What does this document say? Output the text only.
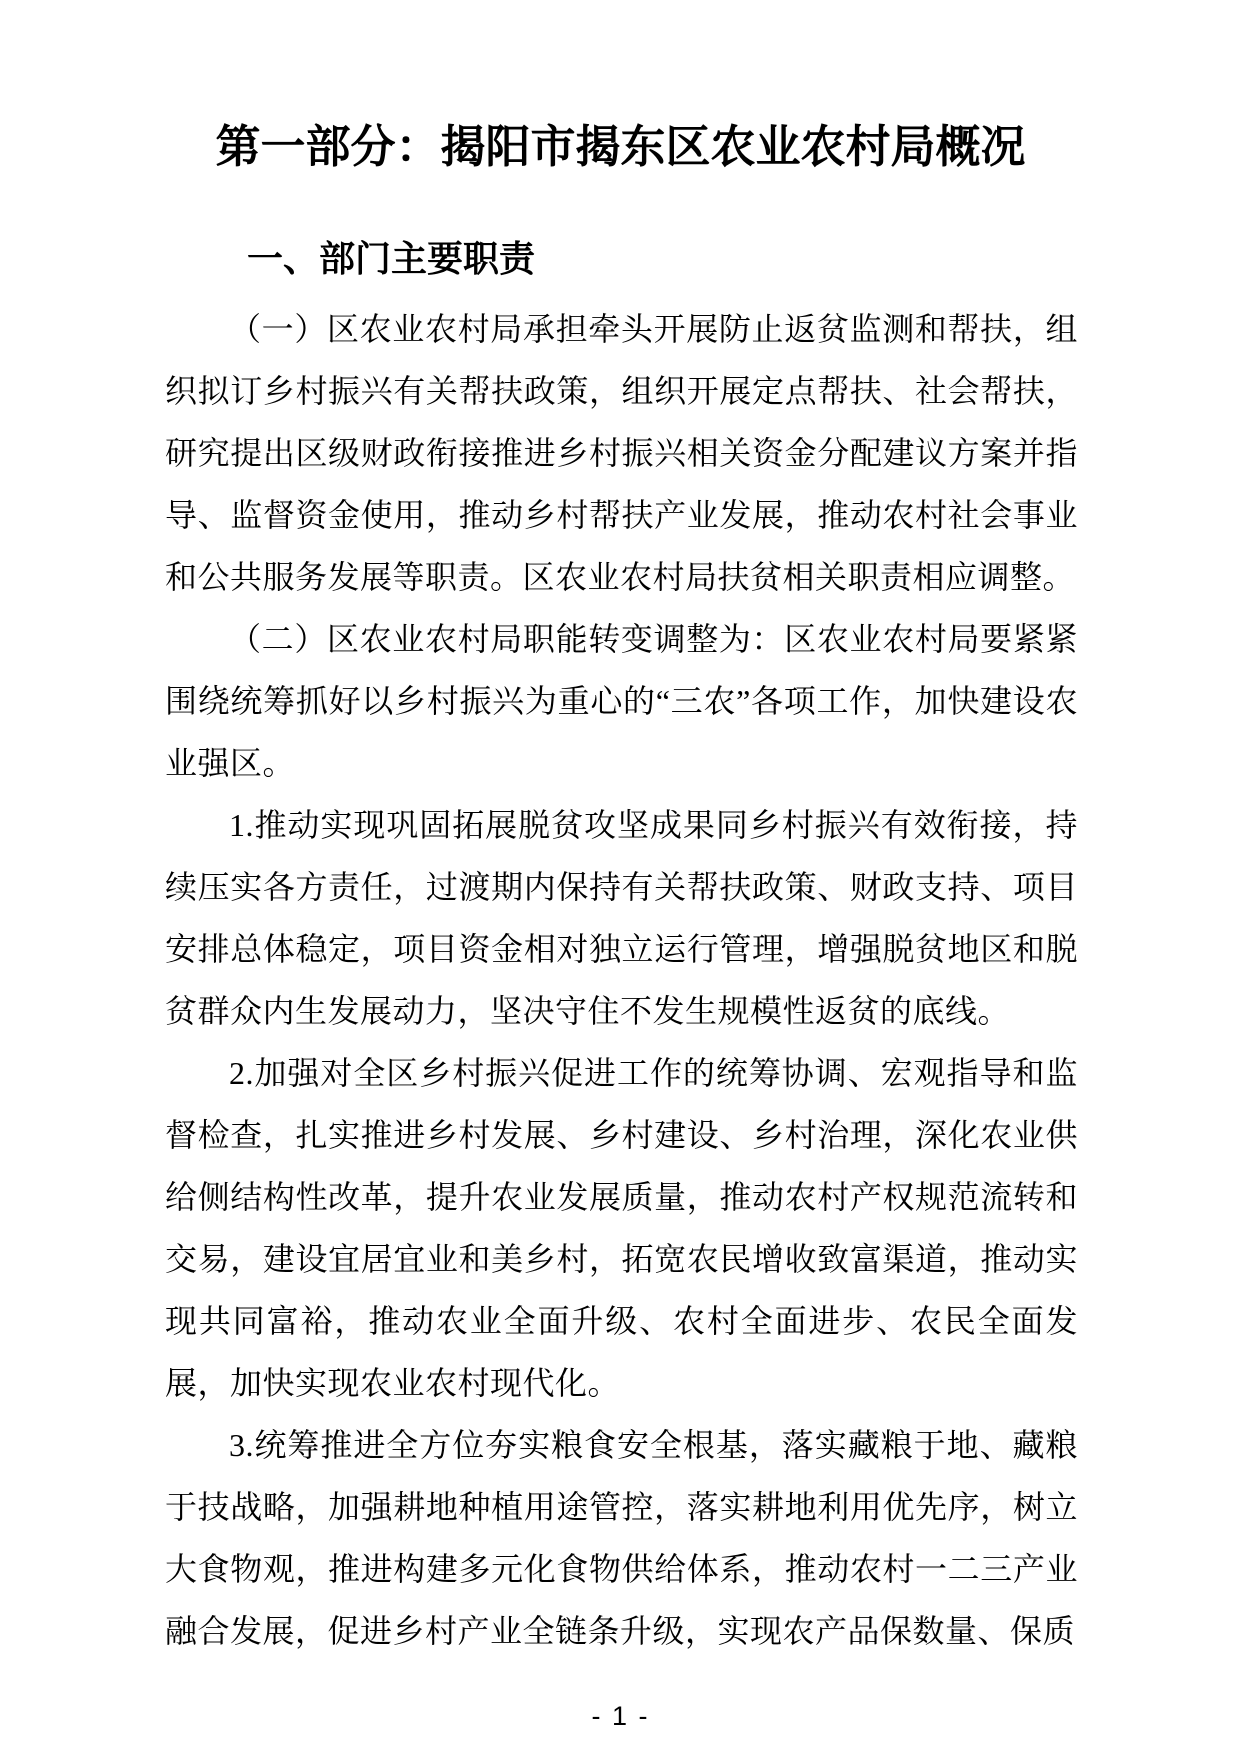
第一部分：揭阳市揭东区农业农村局概况
一、部门主要职责

（一）区农业农村局承担牵头开展防止返贫监测和帮扶，组织拟订乡村振兴有关帮扶政策，组织开展定点帮扶、社会帮扶，研究提出区级财政衔接推进乡村振兴相关资金分配建议方案并指导、监督资金使用，推动乡村帮扶产业发展，推动农村社会事业和公共服务发展等职责。区农业农村局扶贫相关职责相应调整。

（二）区农业农村局职能转变调整为：区农业农村局要紧紧围绕统筹抓好以乡村振兴为重心的“三农”各项工作，加快建设农业强区。

1.推动实现巩固拓展脱贫攻坚成果同乡村振兴有效衔接，持续压实各方责任，过渡期内保持有关帮扶政策、财政支持、项目安排总体稳定，项目资金相对独立运行管理，增强脱贫地区和脱贫群众内生发展动力，坚决守住不发生规模性返贫的底线。

2.加强对全区乡村振兴促进工作的统筹协调、宏观指导和监督检查，扎实推进乡村发展、乡村建设、乡村治理，深化农业供给侧结构性改革，提升农业发展质量，推动农村产权规范流转和交易，建设宜居宜业和美乡村，拓宽农民增收致富渠道，推动实现共同富裕，推动农业全面升级、农村全面进步、农民全面发展，加快实现农业农村现代化。

3.统筹推进全方位夯实粮食安全根基，落实藏粮于地、藏粮于技战略，加强耕地种植用途管控，落实耕地利用优先序，树立大食物观，推进构建多元化食物供给体系，推动农村一二三产业融合发展，促进乡村产业全链条升级，实现农产品保数量、保质

- 1 -
